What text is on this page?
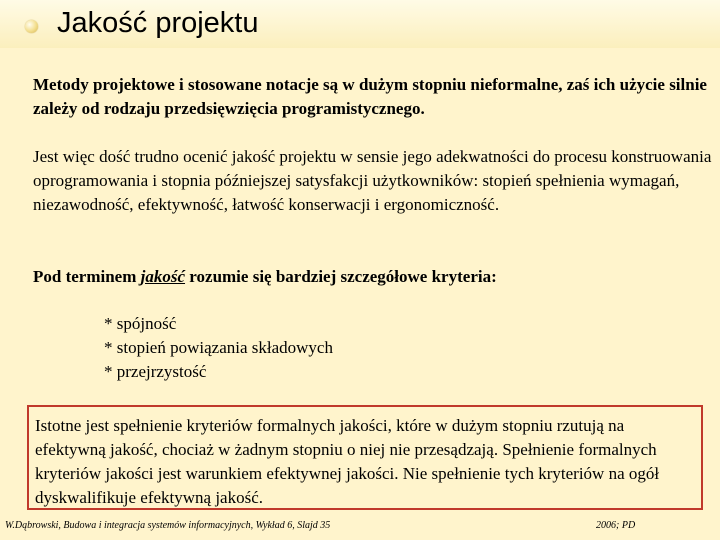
Jakość projektu

Metody projektowe i stosowane notacje są w dużym stopniu nieformalne, zaś ich użycie silnie zależy od rodzaju przedsięwzięcia programistycznego.

Jest więc dość trudno ocenić jakość projektu w sensie jego adekwatności do procesu konstruowania oprogramowania i stopnia późniejszej satysfakcji użytkowników: stopień spełnienia wymagań, niezawodność, efektywność, łatwość konserwacji i ergonomiczność.

Pod terminem jakość rozumie się bardziej szczegółowe kryteria:

* spójność
* stopień powiązania składowych
* przejrzystość

Istotne jest spełnienie kryteriów formalnych jakości, które w dużym stopniu rzutują na efektywną jakość, chociaż w żadnym stopniu o niej nie przesądzają. Spełnienie formalnych kryteriów jakości jest warunkiem efektywnej jakości. Nie spełnienie tych kryteriów na ogół dyskwalifikuje efektywną jakość.

W.Dąbrowski, Budowa i integracja systemów informacyjnych, Wykład 6, Slajd 35	2006; PD
